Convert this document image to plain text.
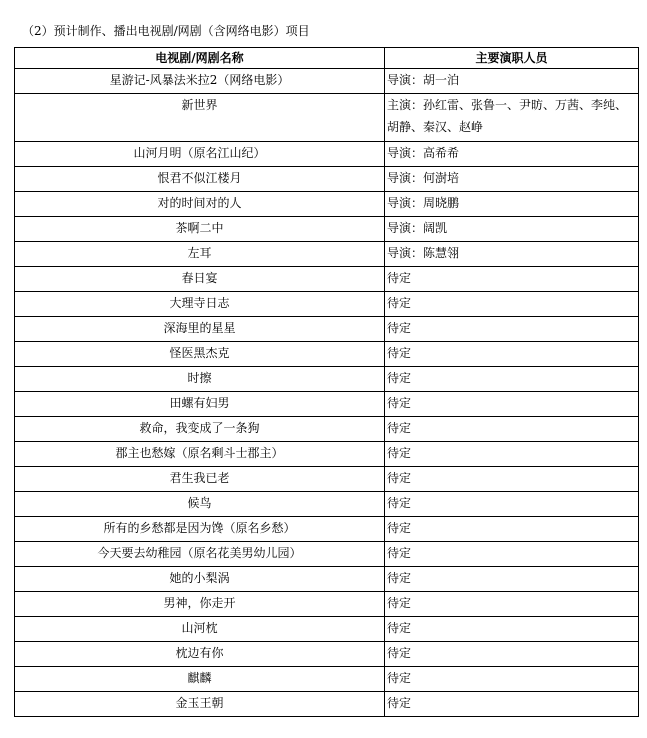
（2）预计制作、播出电视剧/网剧（含网络电影）项目
电视剧/网剧名称	主要演职人员
星游记-风暴法米拉2（网络电影）	导演：胡一泊
新世界	主演：孙红雷、张鲁一、尹昉、万茜、李纯、胡静、秦汉、赵峥
山河月明（原名江山纪）	导演：高希希
恨君不似江楼月	导演：何澍培
对的时间对的人	导演：周晓鹏
茶啊二中	导演：阔凯
左耳	导演：陈慧翎
春日宴	待定
大理寺日志	待定
深海里的星星	待定
怪医黑杰克	待定
时擦	待定
田螺有妇男	待定
救命，我变成了一条狗	待定
郡主也愁嫁（原名剩斗士郡主）	待定
君生我已老	待定
候鸟	待定
所有的乡愁都是因为馋（原名乡愁）	待定
今天要去幼稚园（原名花美男幼儿园）	待定
她的小梨涡	待定
男神，你走开	待定
山河枕	待定
枕边有你	待定
麒麟	待定
金玉王朝	待定
